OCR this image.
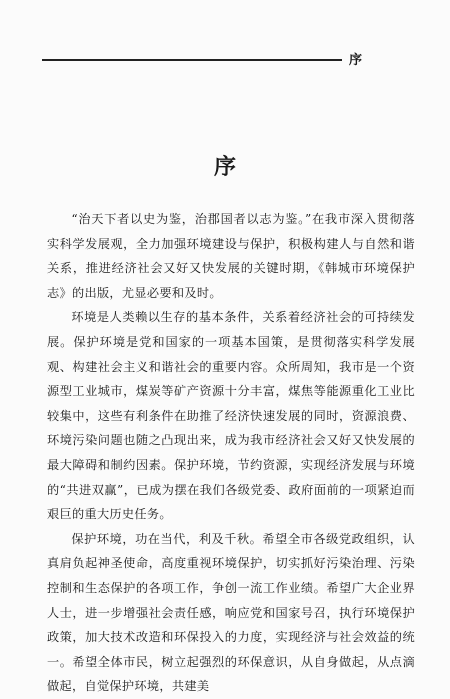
序
序

“治天下者以史为鉴，治郡国者以志为鉴。”在我市深入贯彻落实科学发展观，全力加强环境建设与保护，积极构建人与自然和谐关系，推进经济社会又好又快发展的关键时期，《韩城市环境保护志》的出版，尤显必要和及时。

环境是人类赖以生存的基本条件，关系着经济社会的可持续发展。保护环境是党和国家的一项基本国策，是贯彻落实科学发展观、构建社会主义和谐社会的重要内容。众所周知，我市是一个资源型工业城市，煤炭等矿产资源十分丰富，煤焦等能源重化工业比较集中，这些有利条件在助推了经济快速发展的同时，资源浪费、环境污染问题也随之凸现出来，成为我市经济社会又好又快发展的最大障碍和制约因素。保护环境，节约资源，实现经济发展与环境的“共进双赢”，已成为摆在我们各级党委、政府面前的一项紧迫而艰巨的重大历史任务。

保护环境，功在当代，利及千秋。希望全市各级党政组织，认真肩负起神圣使命，高度重视环境保护，切实抓好污染治理、污染控制和生态保护的各项工作，争创一流工作业绩。希望广大企业界人士，进一步增强社会责任感，响应党和国家号召，执行环境保护政策，加大技术改造和环保投入的力度，实现经济与社会效益的统一。希望全体市民，树立起强烈的环保意识，从自身做起，从点滴做起，自觉保护环境，共建美
